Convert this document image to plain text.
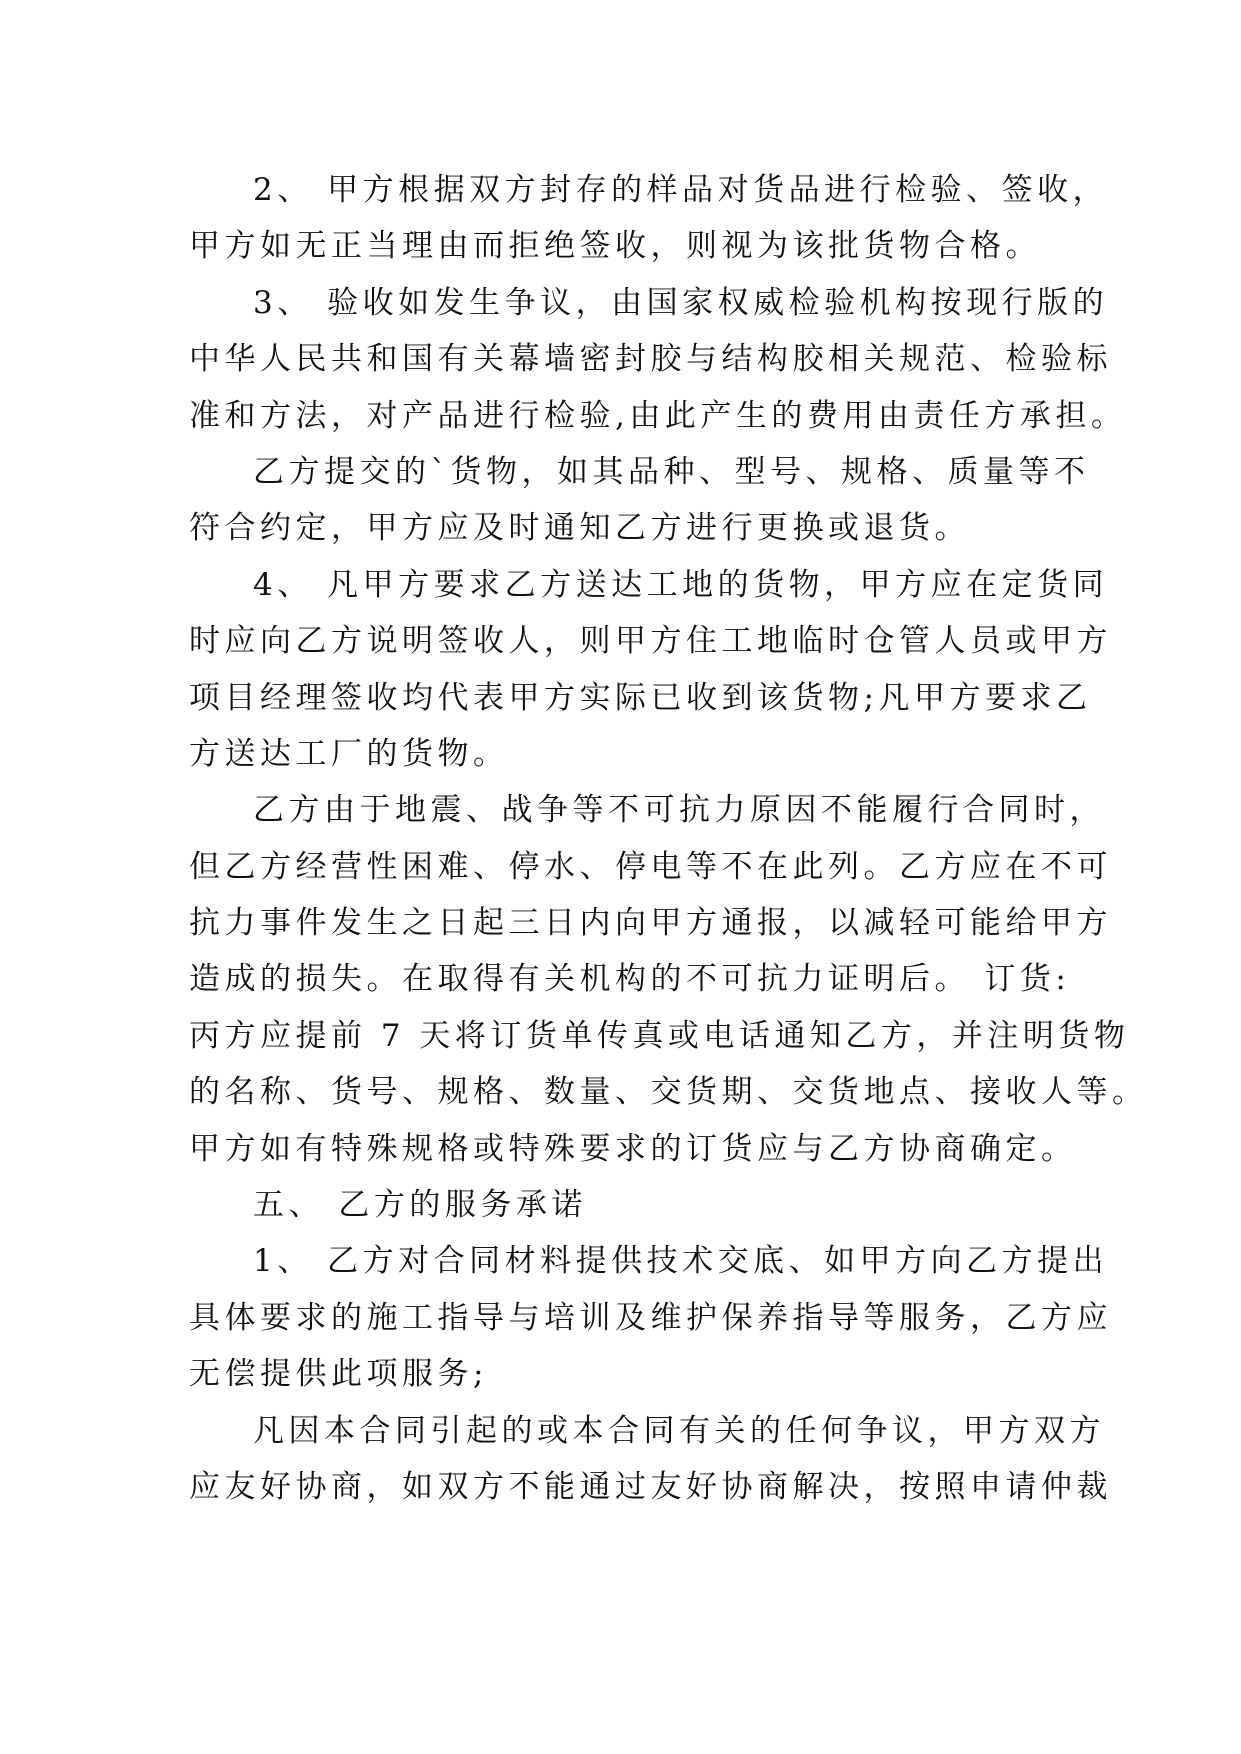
2、 甲方根据双方封存的样品对货品进行检验、签收，
甲方如无正当理由而拒绝签收，则视为该批货物合格。
3、 验收如发生争议，由国家权威检验机构按现行版的
中华人民共和国有关幕墙密封胶与结构胶相关规范、检验标
准和方法，对产品进行检验,由此产生的费用由责任方承担。
乙方提交的`货物，如其品种、型号、规格、质量等不
符合约定，甲方应及时通知乙方进行更换或退货。
4、 凡甲方要求乙方送达工地的货物，甲方应在定货同
时应向乙方说明签收人，则甲方住工地临时仓管人员或甲方
项目经理签收均代表甲方实际已收到该货物;凡甲方要求乙
方送达工厂的货物。
乙方由于地震、战争等不可抗力原因不能履行合同时，
但乙方经营性困难、停水、停电等不在此列。乙方应在不可
抗力事件发生之日起三日内向甲方通报，以减轻可能给甲方
造成的损失。在取得有关机构的不可抗力证明后。 订货:
丙方应提前 7 天将订货单传真或电话通知乙方，并注明货物
的名称、货号、规格、数量、交货期、交货地点、接收人等。
甲方如有特殊规格或特殊要求的订货应与乙方协商确定。
五、 乙方的服务承诺
1、 乙方对合同材料提供技术交底、如甲方向乙方提出
具体要求的施工指导与培训及维护保养指导等服务，乙方应
无偿提供此项服务;
凡因本合同引起的或本合同有关的任何争议，甲方双方
应友好协商，如双方不能通过友好协商解决，按照申请仲裁
